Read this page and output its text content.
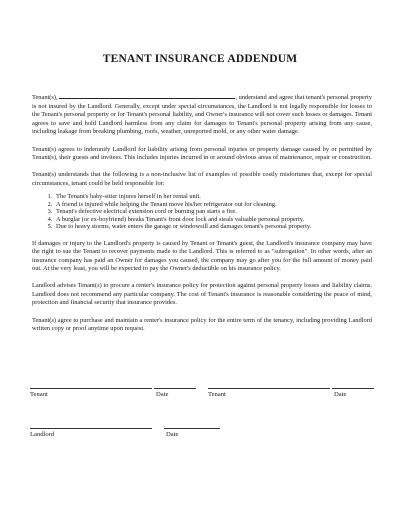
TENANT INSURANCE ADDENDUM

Tenant(s),	, understand and agree that tenant's personal property is not insured by the Landlord. Generally, except under special circumstances, the Landlord is not legally responsible for losses to the Tenant's personal property or for Tenant's personal liability, and Owner's insurance will not cover such losses or damages. Tenant agrees to save and hold Landlord harmless from any claim for damages to Tenant's personal property arising from any cause, including leakage from breaking plumbing, roofs, weather, unreported mold, or any other water damage.

Tenant(s) agrees to indemnify Landlord for liability arising from personal injuries or property damage caused by or permitted by Tenant(s), their guests and invitees. This includes injuries incurred in or around obvious areas of maintenance, repair or construction.

Tenant(s) understands that the following is a non-inclusive list of examples of possible costly misfortunes that, except for special circumstances, tenant could be held responsible for:

1. The Tenant's baby-sitter injures herself in her rental unit.
2. A friend is injured while helping the Tenant move his/her refrigerator out for cleaning.
3. Tenant's defective electrical extension cord or burning pan starts a fire.
4. A burglar (or ex-boyfriend) breaks Tenant's front door lock and steals valuable personal property.
5. Due to heavy storms, water enters the garage or windowsill and damages tenant's personal property.

If damages or injury to the Landlord's property is caused by Tenant or Tenant's guest, the Landlord's insurance company may have the right to sue the Tenant to recover payments made to the Landlord. This is referred to as "subrogation". In other words, after an insurance company has paid an Owner for damages you caused, the company may go after you for the full amount of money paid out. At the very least, you will be expected to pay the Owner's deductible on his insurance policy.

Landlord advises Tenant(s) to procure a renter's insurance policy for protection against personal property losses and liability claims. Landlord does not recommend any particular company. The cost of Tenant's insurance is reasonable considering the peace of mind, protection and financial security that insurance provides.

Tenant(s) agree to purchase and maintain a renter's insurance policy for the entire term of the tenancy, including providing Landlord written copy or proof anytime upon request.

Tenant	Date	Tenant	Date
Landlord	Date
